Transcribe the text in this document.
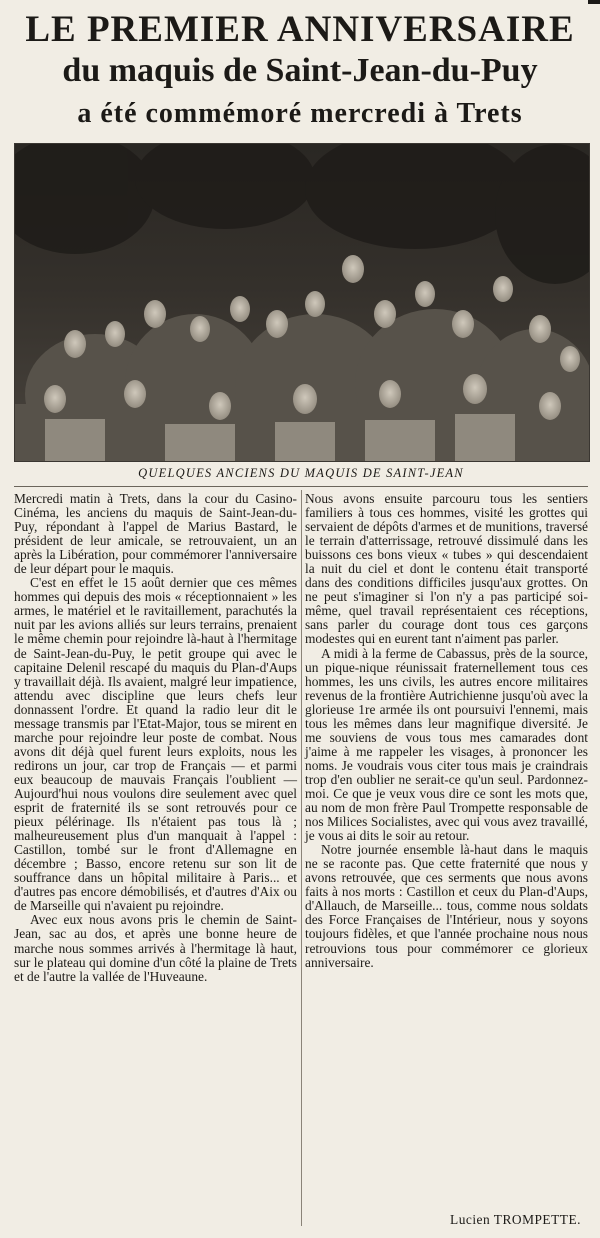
LE PREMIER ANNIVERSAIRE
du maquis de Saint-Jean-du-Puy
a été commémoré mercredi à Trets
QUELQUES ANCIENS DU MAQUIS DE SAINT-JEAN

Mercredi matin à Trets, dans la cour du Casino-Cinéma, les anciens du maquis de Saint-Jean-du-Puy, répondant à l'appel de Marius Bastard, le président de leur amicale, se retrouvaient, un an après la Libération, pour commémorer l'anniversaire de leur départ pour le maquis.

C'est en effet le 15 août dernier que ces mêmes hommes qui depuis des mois « réceptionnaient » les armes, le matériel et le ravitaillement, parachutés la nuit par les avions alliés sur leurs terrains, prenaient le même chemin pour rejoindre là-haut à l'hermitage de Saint-Jean-du-Puy, le petit groupe qui avec le capitaine Delenil rescapé du maquis du Plan-d'Aups y travaillait déjà. Ils avaient, malgré leur impatience, attendu avec discipline que leurs chefs leur donnassent l'ordre. Et quand la radio leur dit le message transmis par l'Etat-Major, tous se mirent en marche pour rejoindre leur poste de combat. Nous avons dit déjà quel furent leurs exploits, nous les redirons un jour, car trop de Français — et parmi eux beaucoup de mauvais Français l'oublient — Aujourd'hui nous voulons dire seulement avec quel esprit de fraternité ils se sont retrouvés pour ce pieux pélérinage. Ils n'étaient pas tous là ; malheureusement plus d'un manquait à l'appel : Castillon, tombé sur le front d'Allemagne en décembre ; Basso, encore retenu sur son lit de souffrance dans un hôpital militaire à Paris... et d'autres pas encore démobilisés, et d'autres d'Aix ou de Marseille qui n'avaient pu rejoindre.

Avec eux nous avons pris le chemin de Saint-Jean, sac au dos, et après une bonne heure de marche nous sommes arrivés à l'hermitage là haut, sur le plateau qui domine d'un côté la plaine de Trets et de l'autre la vallée de l'Huveaune.

Nous avons ensuite parcouru tous les sentiers familiers à tous ces hommes, visité les grottes qui servaient de dépôts d'armes et de munitions, traversé le terrain d'atterrissage, retrouvé dissimulé dans les buissons ces bons vieux « tubes » qui descendaient la nuit du ciel et dont le contenu était transporté dans des conditions difficiles jusqu'aux grottes. On ne peut s'imaginer si l'on n'y a pas participé soi-même, quel travail représentaient ces réceptions, sans parler du courage dont tous ces garçons modestes qui en eurent tant n'aiment pas parler.

A midi à la ferme de Cabassus, près de la source, un pique-nique réunissait fraternellement tous ces hommes, les uns civils, les autres encore militaires revenus de la frontière Autrichienne jusqu'où avec la glorieuse 1re armée ils ont poursuivi l'ennemi, mais tous les mêmes dans leur magnifique diversité. Je me souviens de vous tous mes camarades dont j'aime à me rappeler les visages, à prononcer les noms. Je voudrais vous citer tous mais je craindrais trop d'en oublier ne serait-ce qu'un seul. Pardonnez-moi. Ce que je veux vous dire ce sont les mots que, au nom de mon frère Paul Trompette responsable de nos Milices Socialistes, avec qui vous avez travaillé, je vous ai dits le soir au retour.

Notre journée ensemble là-haut dans le maquis ne se raconte pas. Que cette fraternité que nous y avons retrouvée, que ces serments que nous avons faits à nos morts : Castillon et ceux du Plan-d'Aups, d'Allauch, de Marseille... tous, comme nous soldats des Force Françaises de l'Intérieur, nous y soyons toujours fidèles, et que l'année prochaine nous nous retrouvions tous pour commémorer ce glorieux anniversaire.

Lucien TROMPETTE.
